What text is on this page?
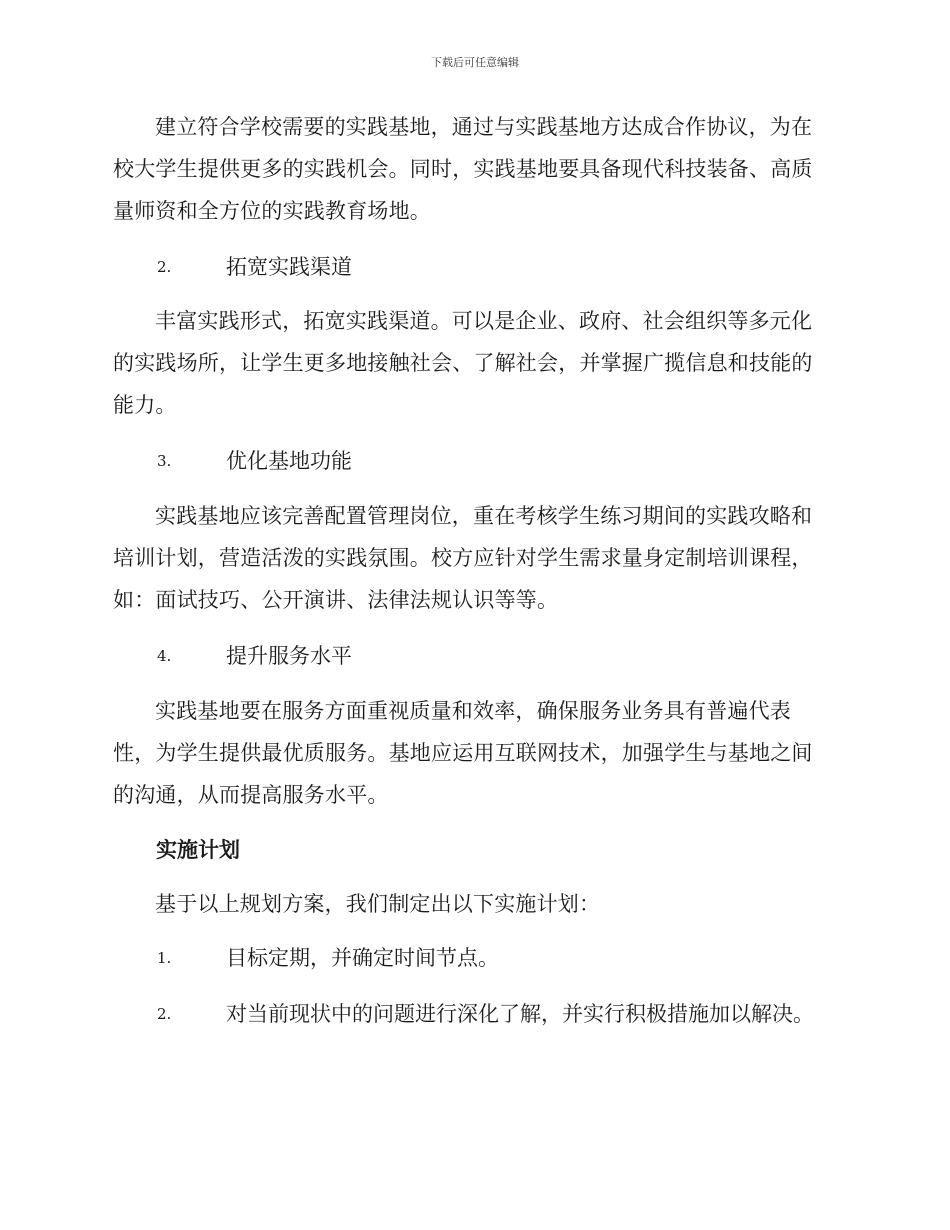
下载后可任意编辑
建立符合学校需要的实践基地，通过与实践基地方达成合作协议，为在校大学生提供更多的实践机会。同时，实践基地要具备现代科技装备、高质量师资和全方位的实践教育场地。
2.	拓宽实践渠道
丰富实践形式，拓宽实践渠道。可以是企业、政府、社会组织等多元化的实践场所，让学生更多地接触社会、了解社会，并掌握广揽信息和技能的能力。
3.	优化基地功能
实践基地应该完善配置管理岗位，重在考核学生练习期间的实践攻略和培训计划，营造活泼的实践氛围。校方应针对学生需求量身定制培训课程，如：面试技巧、公开演讲、法律法规认识等等。
4.	提升服务水平
实践基地要在服务方面重视质量和效率，确保服务业务具有普遍代表性，为学生提供最优质服务。基地应运用互联网技术，加强学生与基地之间的沟通，从而提高服务水平。
实施计划
基于以上规划方案，我们制定出以下实施计划：
1.	目标定期，并确定时间节点。
2.	对当前现状中的问题进行深化了解，并实行积极措施加以解决。
